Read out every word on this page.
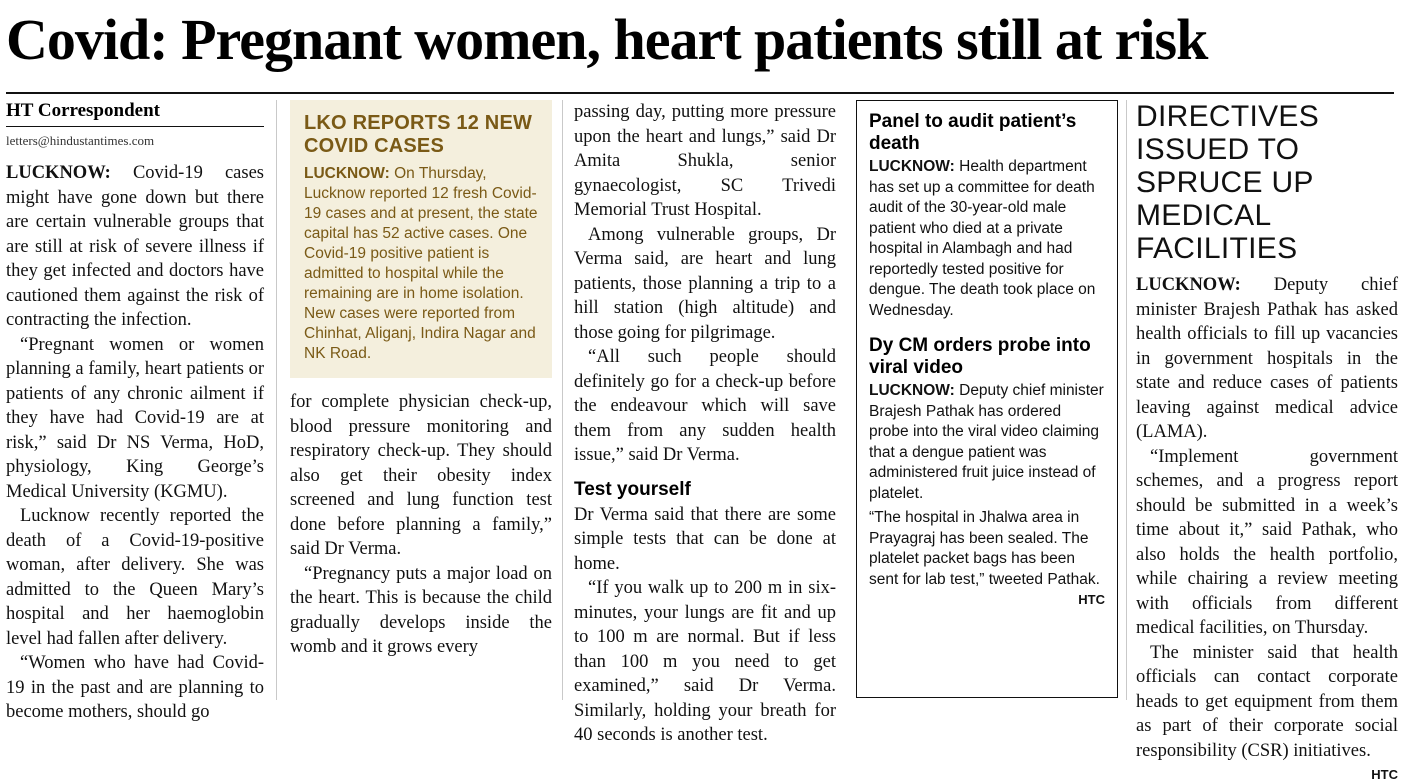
Covid: Pregnant women, heart patients still at risk
HT Correspondent
letters@hindustantimes.com

LUCKNOW: Covid-19 cases might have gone down but there are certain vulnerable groups that are still at risk of severe illness if they get infected and doctors have cautioned them against the risk of contracting the infection.

“Pregnant women or women planning a family, heart patients or patients of any chronic ailment if they have had Covid-19 are at risk,” said Dr NS Verma, HoD, physiology, King George’s Medical University (KGMU).

Lucknow recently reported the death of a Covid-19-positive woman, after delivery. She was admitted to the Queen Mary’s hospital and her haemoglobin level had fallen after delivery.

“Women who have had Covid-19 in the past and are planning to become mothers, should go

LKO REPORTS 12 NEW COVID CASES
LUCKNOW: On Thursday, Lucknow reported 12 fresh Covid-19 cases and at present, the state capital has 52 active cases. One Covid-19 positive patient is admitted to hospital while the remaining are in home isolation. New cases were reported from Chinhat, Aliganj, Indira Nagar and NK Road.

for complete physician check-up, blood pressure monitoring and respiratory check-up. They should also get their obesity index screened and lung function test done before planning a family,” said Dr Verma.

“Pregnancy puts a major load on the heart. This is because the child gradually develops inside the womb and it grows every

passing day, putting more pressure upon the heart and lungs,” said Dr Amita Shukla, senior gynaecologist, SC Trivedi Memorial Trust Hospital.

Among vulnerable groups, Dr Verma said, are heart and lung patients, those planning a trip to a hill station (high altitude) and those going for pilgrimage.

“All such people should definitely go for a check-up before the endeavour which will save them from any sudden health issue,” said Dr Verma.

Test yourself

Dr Verma said that there are some simple tests that can be done at home.

“If you walk up to 200 m in six-minutes, your lungs are fit and up to 100 m are normal. But if less than 100 m you need to get examined,” said Dr Verma. Similarly, holding your breath for 40 seconds is another test.

Panel to audit patient’s death
LUCKNOW: Health department has set up a committee for death audit of the 30-year-old male patient who died at a private hospital in Alambagh and had reportedly tested positive for dengue. The death took place on Wednesday.
Dy CM orders probe into viral video
LUCKNOW: Deputy chief minister Brajesh Pathak has ordered probe into the viral video claiming that a dengue patient was administered fruit juice instead of platelet.
“The hospital in Jhalwa area in Prayagraj has been sealed. The platelet packet bags has been sent for lab test,” tweeted Pathak.
HTC
DIRECTIVES ISSUED TO SPRUCE UP MEDICAL FACILITIES

LUCKNOW: Deputy chief minister Brajesh Pathak has asked health officials to fill up vacancies in government hospitals in the state and reduce cases of patients leaving against medical advice (LAMA).

“Implement government schemes, and a progress report should be submitted in a week’s time about it,” said Pathak, who also holds the health portfolio, while chairing a review meeting with officials from different medical facilities, on Thursday.

The minister said that health officials can contact corporate heads to get equipment from them as part of their corporate social responsibility (CSR) initiatives.

HTC
